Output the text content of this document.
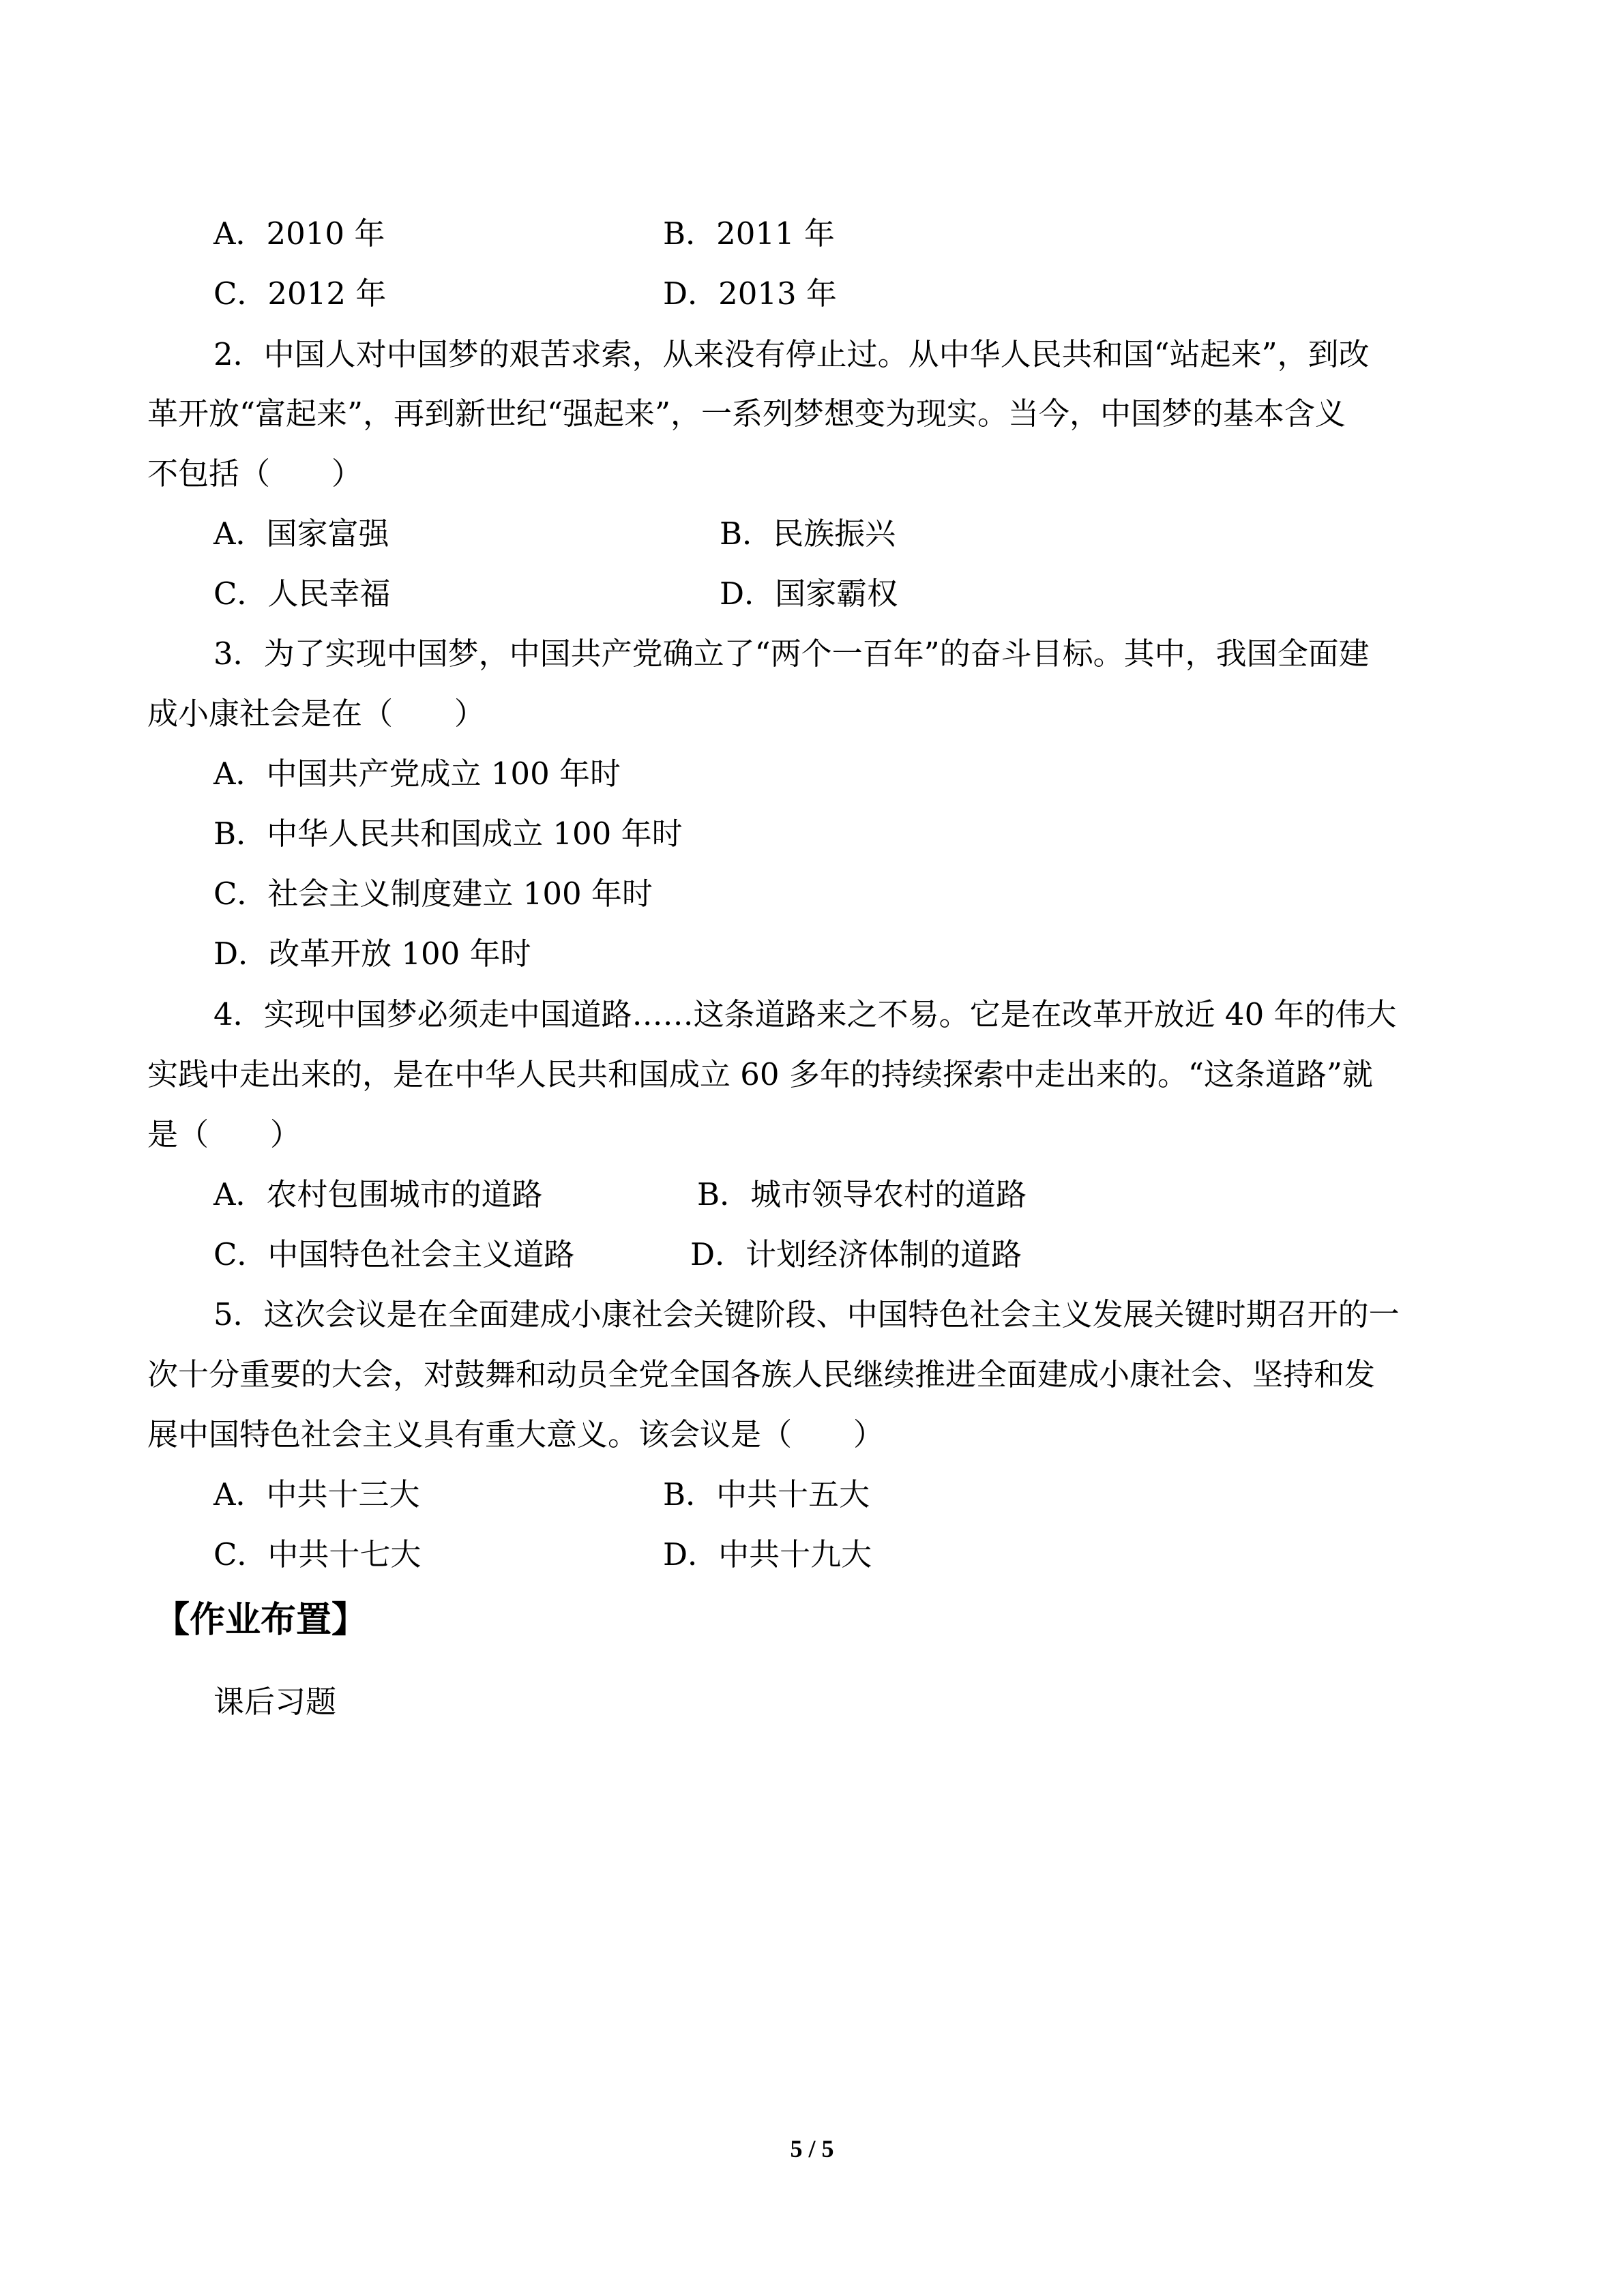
A．2010 年	B．2011 年
C．2012 年	D．2013 年
2．中国人对中国梦的艰苦求索，从来没有停止过。从中华人民共和国“站起来”，到改
革开放“富起来”，再到新世纪“强起来”，一系列梦想变为现实。当今，中国梦的基本含义
不包括（　　）
A．国家富强	B．民族振兴
C．人民幸福	D．国家霸权
3．为了实现中国梦，中国共产党确立了“两个一百年”的奋斗目标。其中，我国全面建
成小康社会是在（　　）
A．中国共产党成立 100 年时
B．中华人民共和国成立 100 年时
C．社会主义制度建立 100 年时
D．改革开放 100 年时
4．实现中国梦必须走中国道路……这条道路来之不易。它是在改革开放近 40 年的伟大
实践中走出来的，是在中华人民共和国成立 60 多年的持续探索中走出来的。“这条道路”就
是（　　）
A．农村包围城市的道路	B．城市领导农村的道路
C．中国特色社会主义道路	D．计划经济体制的道路
5．这次会议是在全面建成小康社会关键阶段、中国特色社会主义发展关键时期召开的一
次十分重要的大会，对鼓舞和动员全党全国各族人民继续推进全面建成小康社会、坚持和发
展中国特色社会主义具有重大意义。该会议是（　　）
A．中共十三大	B．中共十五大
C．中共十七大	D．中共十九大
【作业布置】
课后习题
5 / 5
